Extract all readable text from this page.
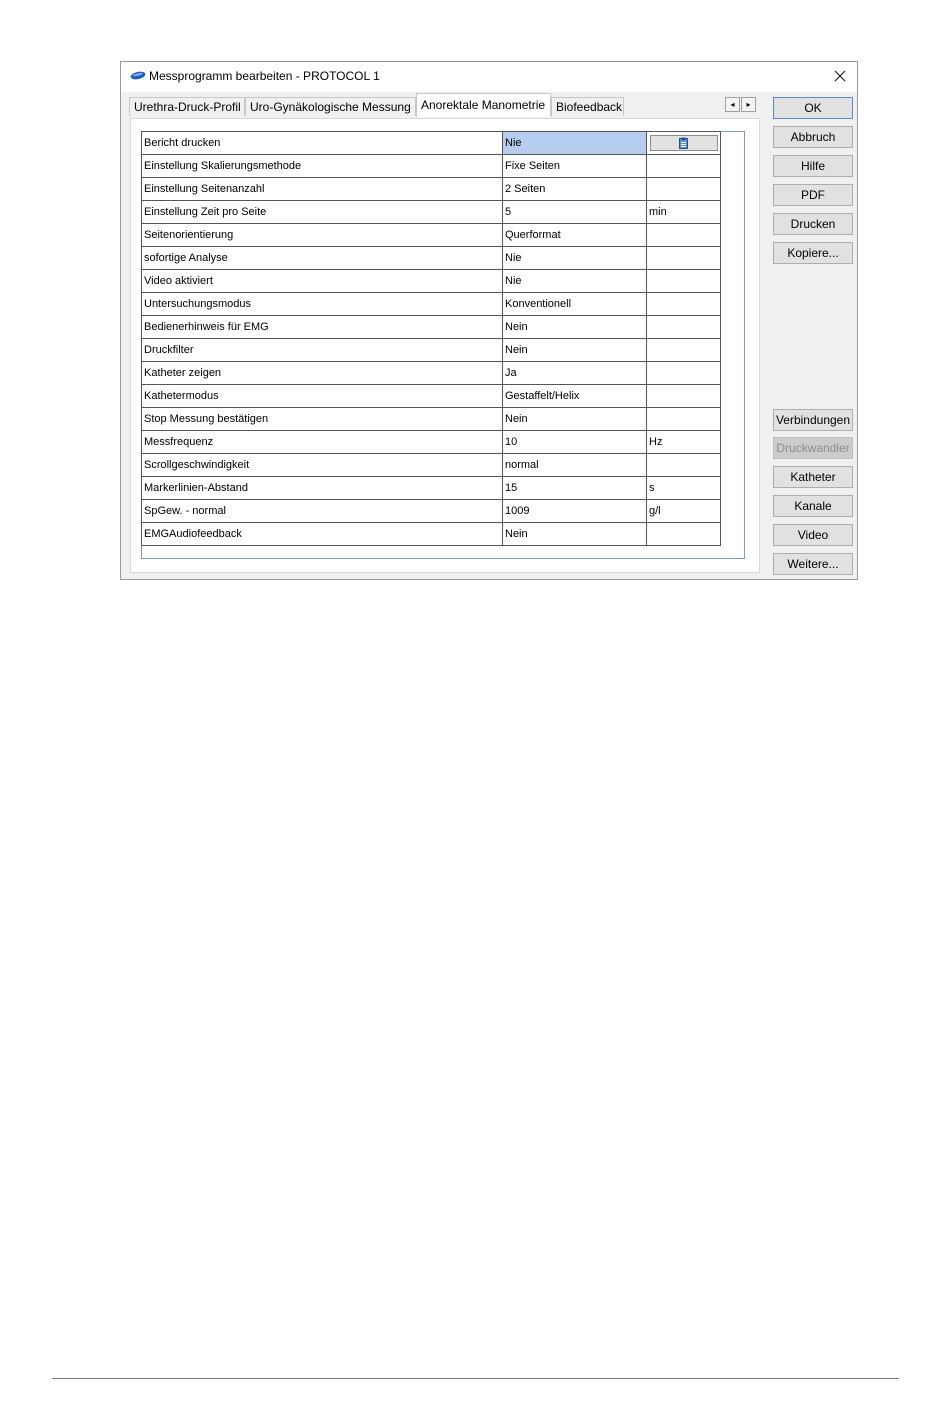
Messprogramm bearbeiten - PROTOCOL 1
Urethra-Druck-Profil Uro-Gynäkologische Messung Anorektale Manometrie Biofeedback	◂	▸
Bericht drucken	Nie	

Einstellung Skalierungsmethode	Fixe Seiten	
Einstellung Seitenanzahl	2 Seiten	
Einstellung Zeit pro Seite	5	min
Seitenorientierung	Querformat	
sofortige Analyse	Nie	
Video aktiviert	Nie	
Untersuchungsmodus	Konventionell	
Bedienerhinweis für EMG	Nein	
Druckfilter	Nein	
Katheter zeigen	Ja	
Kathetermodus	Gestaffelt/Helix	
Stop Messung bestätigen	Nein	
Messfrequenz	10	Hz
Scrollgeschwindigkeit	normal	
Markerlinien-Abstand	15	s
SpGew. - normal	1009	g/l
EMGAudiofeedback	Nein	
OK
Abbruch
Hilfe
PDF
Drucken
Kopiere...
Verbindungen
Druckwandler
Katheter
Kanale
Video
Weitere...
